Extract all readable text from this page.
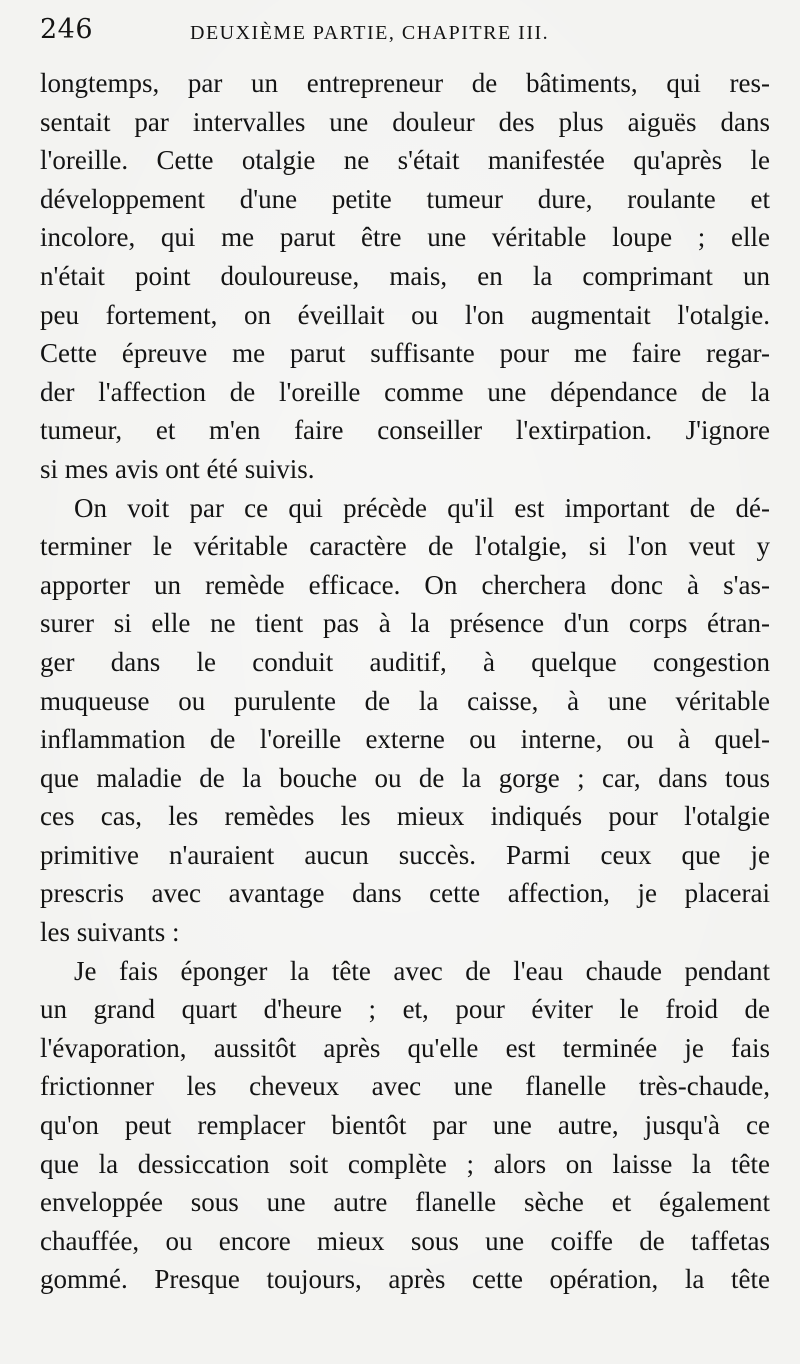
246	DEUXIÈME PARTIE, CHAPITRE III.
longtemps, par un entrepreneur de bâtiments, qui res-
sentait par intervalles une douleur des plus aiguës dans
l'oreille. Cette otalgie ne s'était manifestée qu'après le
développement d'une petite tumeur dure, roulante et
incolore, qui me parut être une véritable loupe ; elle
n'était point douloureuse, mais, en la comprimant un
peu fortement, on éveillait ou l'on augmentait l'otalgie.
Cette épreuve me parut suffisante pour me faire regar-
der l'affection de l'oreille comme une dépendance de la
tumeur, et m'en faire conseiller l'extirpation. J'ignore
si mes avis ont été suivis.
On voit par ce qui précède qu'il est important de dé-
terminer le véritable caractère de l'otalgie, si l'on veut y
apporter un remède efficace. On cherchera donc à s'as-
surer si elle ne tient pas à la présence d'un corps étran-
ger dans le conduit auditif, à quelque congestion
muqueuse ou purulente de la caisse, à une véritable
inflammation de l'oreille externe ou interne, ou à quel-
que maladie de la bouche ou de la gorge ; car, dans tous
ces cas, les remèdes les mieux indiqués pour l'otalgie
primitive n'auraient aucun succès. Parmi ceux que je
prescris avec avantage dans cette affection, je placerai
les suivants :
Je fais éponger la tête avec de l'eau chaude pendant
un grand quart d'heure ; et, pour éviter le froid de
l'évaporation, aussitôt après qu'elle est terminée je fais
frictionner les cheveux avec une flanelle très-chaude,
qu'on peut remplacer bientôt par une autre, jusqu'à ce
que la dessiccation soit complète ; alors on laisse la tête
enveloppée sous une autre flanelle sèche et également
chauffée, ou encore mieux sous une coiffe de taffetas
gommé. Presque toujours, après cette opération, la tête
